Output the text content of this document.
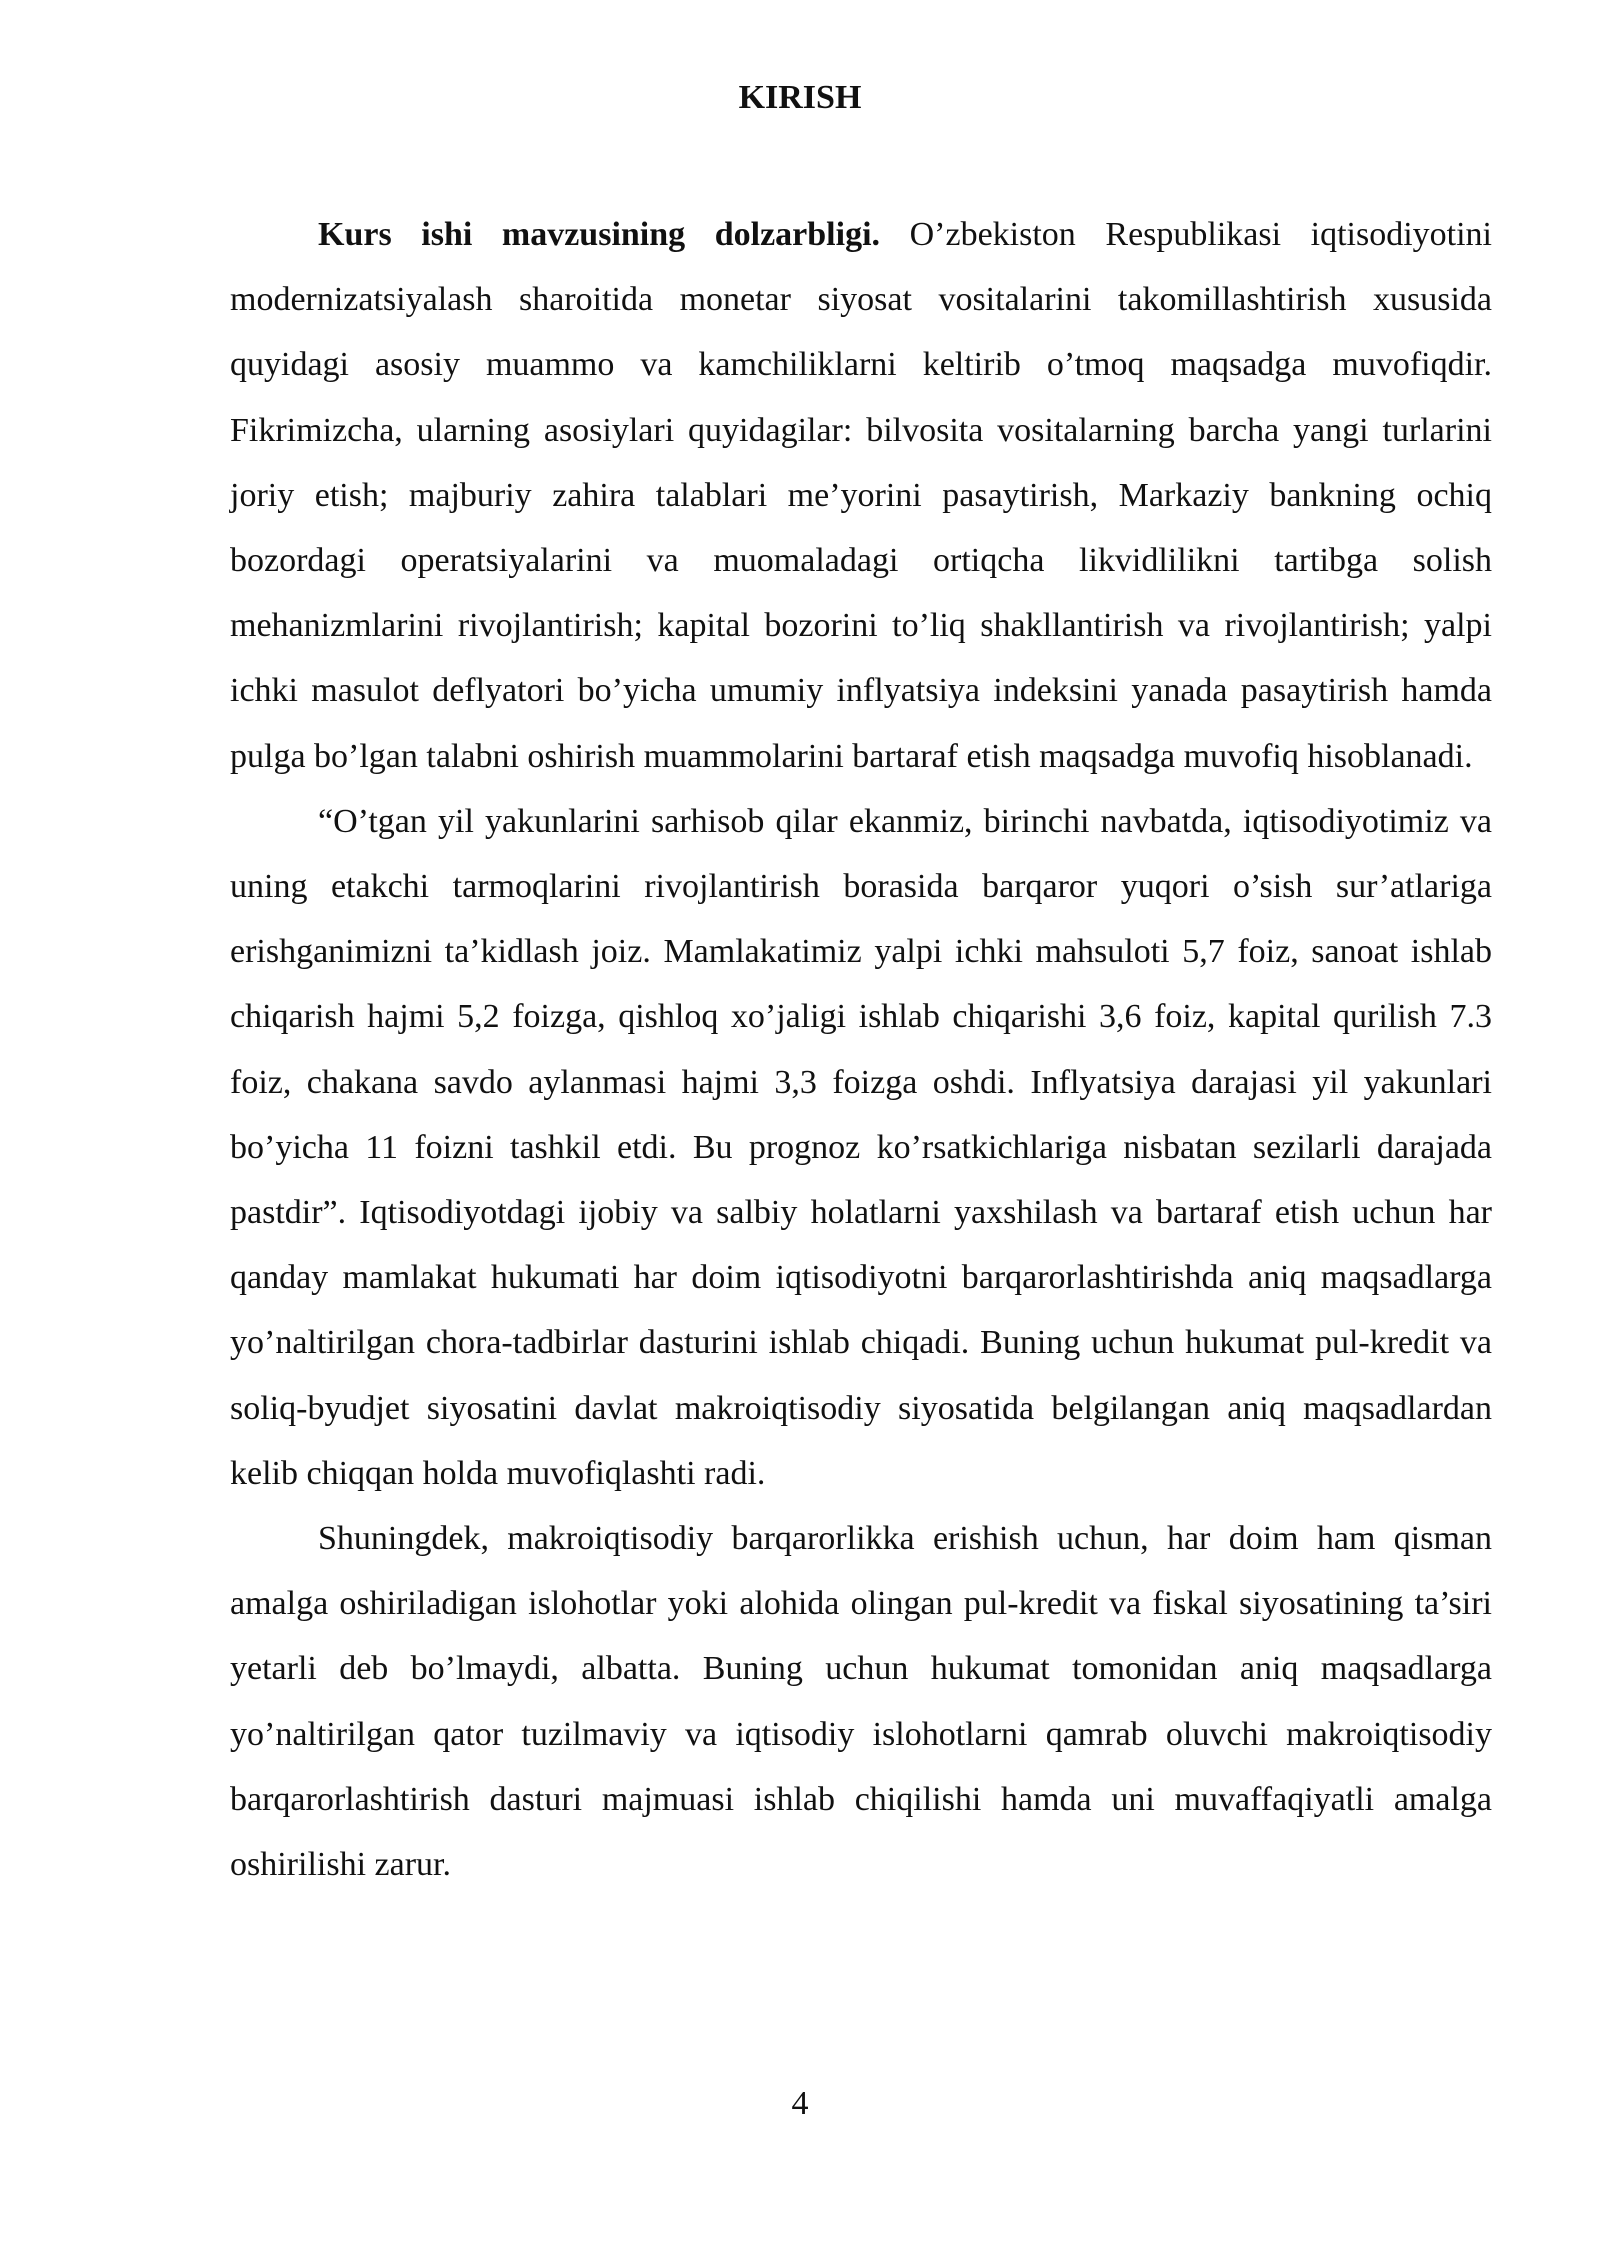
KIRISH

Kurs ishi mavzusining dolzarbligi. O’zbekiston Respublikasi iqtisodiyotini modernizatsiyalash sharoitida monetar siyosat vositalarini takomillashtirish xususida quyidagi asosiy muammo va kamchiliklarni keltirib o’tmoq maqsadga muvofiqdir. Fikrimizcha, ularning asosiylari quyidagilar: bilvosita vositalarning barcha yangi turlarini joriy etish; majburiy zahira talablari me’yorini pasaytirish, Markaziy bankning ochiq bozordagi operatsiyalarini va muomaladagi ortiqcha likvidlilikni tartibga solish mehanizmlarini rivojlantirish; kapital bozorini to’liq shakllantirish va rivojlantirish; yalpi ichki masulot deflyatori bo’yicha umumiy inflyatsiya indeksini yanada pasaytirish hamda pulga bo’lgan talabni oshirish muammolarini bartaraf etish maqsadga muvofiq hisoblanadi.

“O’tgan yil yakunlarini sarhisob qilar ekanmiz, birinchi navbatda, iqtisodiyotimiz va uning etakchi tarmoqlarini rivojlantirish borasida barqaror yuqori o’sish sur’atlariga erishganimizni ta’kidlash joiz. Mamlakatimiz yalpi ichki mahsuloti 5,7 foiz, sanoat ishlab chiqarish hajmi 5,2 foizga, qishloq xo’jaligi ishlab chiqarishi 3,6 foiz, kapital qurilish 7.3 foiz, chakana savdo aylanmasi hajmi 3,3 foizga oshdi. Inflyatsiya darajasi yil yakunlari bo’yicha 11 foizni tashkil etdi. Bu prognoz ko’rsatkichlariga nisbatan sezilarli darajada pastdir”. Iqtisodiyotdagi ijobiy va salbiy holatlarni yaxshilash va bartaraf etish uchun har qanday mamlakat hukumati har doim iqtisodiyotni barqarorlashtirishda aniq maqsadlarga yo’naltirilgan chora-tadbirlar dasturini ishlab chiqadi. Buning uchun hukumat pul-kredit va soliq-byudjet siyosatini davlat makroiqtisodiy siyosatida belgilangan aniq maqsadlardan kelib chiqqan holda muvofiqlashti radi.

Shuningdek, makroiqtisodiy barqarorlikka erishish uchun, har doim ham qisman amalga oshiriladigan islohotlar yoki alohida olingan pul-kredit va fiskal siyosatining ta’siri yetarli deb bo’lmaydi, albatta. Buning uchun hukumat tomonidan aniq maqsadlarga yo’naltirilgan qator tuzilmaviy va iqtisodiy islohotlarni qamrab oluvchi makroiqtisodiy barqarorlashtirish dasturi majmuasi ishlab chiqilishi hamda uni muvaffaqiyatli amalga oshirilishi zarur.

4
